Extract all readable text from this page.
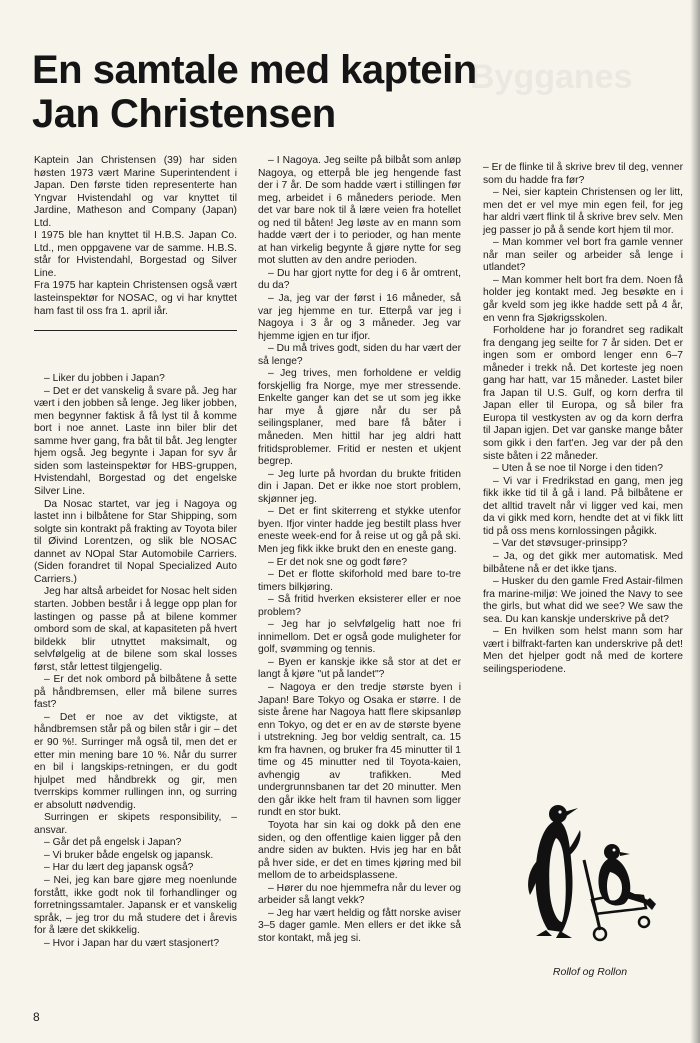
Bygganes
En samtale med kaptein Jan Christensen

Kaptein Jan Christensen (39) har siden høsten 1973 vært Marine Superintendent i Japan. Den første tiden representerte han Yngvar Hvistendahl og var knyttet til Jardine, Matheson and Company (Japan) Ltd.
I 1975 ble han knyttet til H.B.S. Japan Co. Ltd., men oppgavene var de samme. H.B.S. står for Hvistendahl, Borgestad og Silver Line.
Fra 1975 har kaptein Christensen også vært lasteinspektør for NOSAC, og vi har knyttet ham fast til oss fra 1. april iår.

– Liker du jobben i Japan?

– Det er det vanskelig å svare på. Jeg har vært i den jobben så lenge. Jeg liker jobben, men begynner faktisk å få lyst til å komme bort i noe annet. Laste inn biler blir det samme hver gang, fra båt til båt. Jeg lengter hjem også. Jeg begynte i Japan for syv år siden som lasteinspektør for HBS-gruppen, Hvistendahl, Borgestad og det engelske Silver Line.

Da Nosac startet, var jeg i Nagoya og lastet inn i bilbåtene for Star Shipping, som solgte sin kontrakt på frakting av Toyota biler til Øivind Lorentzen, og slik ble NOSAC dannet av NOpal Star Automobile Carriers. (Siden forandret til Nopal Specialized Auto Carriers.)

Jeg har altså arbeidet for Nosac helt siden starten. Jobben består i å legge opp plan for lastingen og passe på at bilene kommer ombord som de skal, at kapasiteten på hvert bildekk blir utnyttet maksimalt, og selvfølgelig at de bilene som skal losses først, står lettest tilgjengelig.

– Er det nok ombord på bilbåtene å sette på håndbremsen, eller må bilene surres fast?

– Det er noe av det viktigste, at håndbremsen står på og bilen står i gir – det er 90 %!. Surringer må også til, men det er etter min mening bare 10 %. Når du surrer en bil i langskips-retningen, er du godt hjulpet med håndbrekk og gir, men tverrskips kommer rullingen inn, og surring er absolutt nødvendig.

Surringen er skipets responsibility, – ansvar.

– Går det på engelsk i Japan?

– Vi bruker både engelsk og japansk.

– Har du lært deg japansk også?

– Nei, jeg kan bare gjøre meg noenlunde forstått, ikke godt nok til forhandlinger og forretningssamtaler. Japansk er et vanskelig språk, – jeg tror du må studere det i årevis for å lære det skikkelig.

– Hvor i Japan har du vært stasjonert?

– I Nagoya. Jeg seilte på bilbåt som anløp Nagoya, og etterpå ble jeg hengende fast der i 7 år. De som hadde vært i stillingen før meg, arbeidet i 6 måneders periode. Men det var bare nok til å lære veien fra hotellet og ned til båten! Jeg løste av en mann som hadde vært der i to perioder, og han mente at han virkelig begynte å gjøre nytte for seg mot slutten av den andre perioden.

– Du har gjort nytte for deg i 6 år omtrent, du da?

– Ja, jeg var der først i 16 måneder, så var jeg hjemme en tur. Etterpå var jeg i Nagoya i 3 år og 3 måneder. Jeg var hjemme igjen en tur ifjor.

– Du må trives godt, siden du har vært der så lenge?

– Jeg trives, men forholdene er veldig forskjellig fra Norge, mye mer stressende. Enkelte ganger kan det se ut som jeg ikke har mye å gjøre når du ser på seilingsplaner, med bare få båter i måneden. Men hittil har jeg aldri hatt fritidsproblemer. Fritid er nesten et ukjent begrep.

– Jeg lurte på hvordan du brukte fritiden din i Japan. Det er ikke noe stort problem, skjønner jeg.

– Det er fint skiterreng et stykke utenfor byen. Ifjor vinter hadde jeg bestilt plass hver eneste week-end for å reise ut og gå på ski. Men jeg fikk ikke brukt den en eneste gang.

– Er det nok sne og godt føre?

– Det er flotte skiforhold med bare to-tre timers bilkjøring.

– Så fritid hverken eksisterer eller er noe problem?

– Jeg har jo selvfølgelig hatt noe fri innimellom. Det er også gode muligheter for golf, svømming og tennis.

– Byen er kanskje ikke så stor at det er langt å kjøre "ut på landet"?

– Nagoya er den tredje største byen i Japan! Bare Tokyo og Osaka er større. I de siste årene har Nagoya hatt flere skipsanløp enn Tokyo, og det er en av de største byene i utstrekning. Jeg bor veldig sentralt, ca. 15 km fra havnen, og bruker fra 45 minutter til 1 time og 45 minutter ned til Toyota-kaien, avhengig av trafikken. Med undergrunnsbanen tar det 20 minutter. Men den går ikke helt fram til havnen som ligger rundt en stor bukt.

Toyota har sin kai og dokk på den ene siden, og den offentlige kaien ligger på den andre siden av bukten. Hvis jeg har en båt på hver side, er det en times kjøring med bil mellom de to arbeidsplassene.

– Hører du noe hjemmefra når du lever og arbeider så langt vekk?

– Jeg har vært heldig og fått norske aviser 3–5 dager gamle. Men ellers er det ikke så stor kontakt, må jeg si.

– Er de flinke til å skrive brev til deg, venner som du hadde fra før?

– Nei, sier kaptein Christensen og ler litt, men det er vel mye min egen feil, for jeg har aldri vært flink til å skrive brev selv. Men jeg passer jo på å sende kort hjem til mor.

– Man kommer vel bort fra gamle venner når man seiler og arbeider så lenge i utlandet?

– Man kommer helt bort fra dem. Noen få holder jeg kontakt med. Jeg besøkte en i går kveld som jeg ikke hadde sett på 4 år, en venn fra Sjøkrigsskolen.

Forholdene har jo forandret seg radikalt fra dengang jeg seilte for 7 år siden. Det er ingen som er ombord lenger enn 6–7 måneder i trekk nå. Det korteste jeg noen gang har hatt, var 15 måneder. Lastet biler fra Japan til U.S. Gulf, og korn derfra til Japan eller til Europa, og så biler fra Europa til vestkysten av og da korn derfra til Japan igjen. Det var ganske mange båter som gikk i den fart'en. Jeg var der på den siste båten i 22 måneder.

– Uten å se noe til Norge i den tiden?

– Vi var i Fredrikstad en gang, men jeg fikk ikke tid til å gå i land. På bilbåtene er det alltid travelt når vi ligger ved kai, men da vi gikk med korn, hendte det at vi fikk litt tid på oss mens kornlossingen pågikk.

– Var det støvsuger-prinsipp?

– Ja, og det gikk mer automatisk. Med bilbåtene nå er det ikke tjans.

– Husker du den gamle Fred Astair-filmen fra marine-miljø: We joined the Navy to see the girls, but what did we see? We saw the sea. Du kan kanskje underskrive på det?

– En hvilken som helst mann som har vært i bilfrakt-farten kan underskrive på det! Men det hjelper godt nå med de kortere seilingsperiodene.

Rollof og Rollon
8
